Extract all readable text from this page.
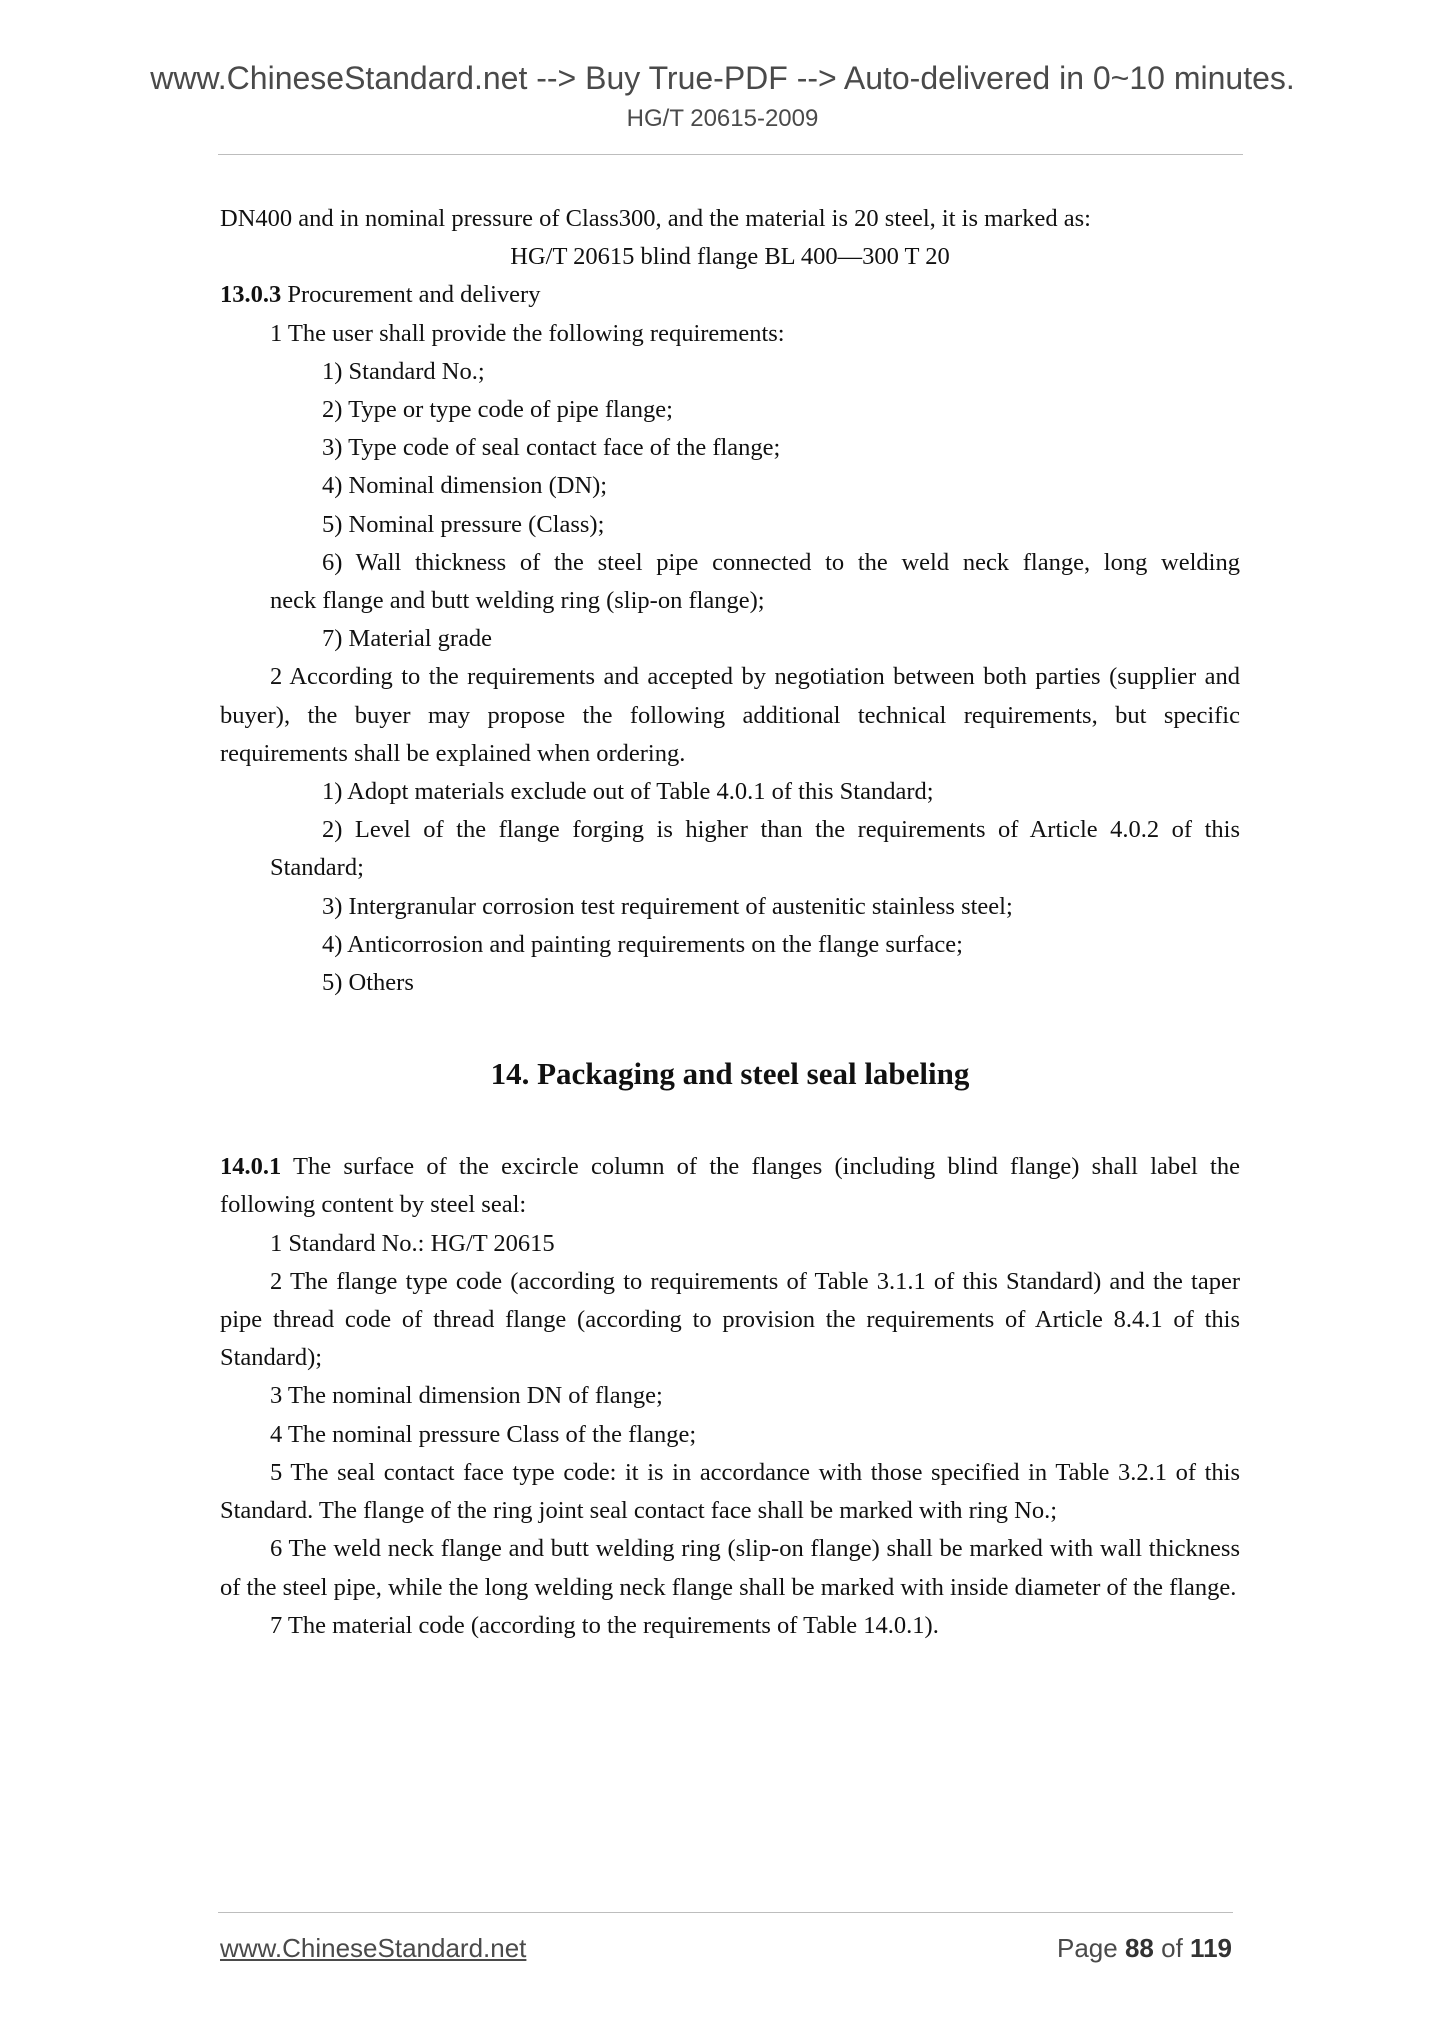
www.ChineseStandard.net --> Buy True-PDF --> Auto-delivered in 0~10 minutes.
HG/T 20615-2009

DN400 and in nominal pressure of Class300, and the material is 20 steel, it is marked as:

HG/T 20615 blind flange BL 400—300 T 20

13.0.3 Procurement and delivery

1 The user shall provide the following requirements:

1) Standard No.;

2) Type or type code of pipe flange;

3) Type code of seal contact face of the flange;

4) Nominal dimension (DN);

5) Nominal pressure (Class);

6) Wall thickness of the steel pipe connected to the weld neck flange, long welding

neck flange and butt welding ring (slip-on flange);

7) Material grade

2 According to the requirements and accepted by negotiation between both parties (supplier and buyer), the buyer may propose the following additional technical requirements, but specific requirements shall be explained when ordering.

1) Adopt materials exclude out of Table 4.0.1 of this Standard;

2) Level of the flange forging is higher than the requirements of Article 4.0.2 of this

Standard;

3) Intergranular corrosion test requirement of austenitic stainless steel;

4) Anticorrosion and painting requirements on the flange surface;

5) Others

14. Packaging and steel seal labeling

14.0.1 The surface of the excircle column of the flanges (including blind flange) shall label the following content by steel seal:

1 Standard No.: HG/T 20615

2 The flange type code (according to requirements of Table 3.1.1 of this Standard) and the taper pipe thread code of thread flange (according to provision the requirements of Article 8.4.1 of this Standard);

3 The nominal dimension DN of flange;

4 The nominal pressure Class of the flange;

5 The seal contact face type code: it is in accordance with those specified in Table 3.2.1 of this Standard. The flange of the ring joint seal contact face shall be marked with ring No.;

6 The weld neck flange and butt welding ring (slip-on flange) shall be marked with wall thickness of the steel pipe, while the long welding neck flange shall be marked with inside diameter of the flange.

7 The material code (according to the requirements of Table 14.0.1).

www.ChineseStandard.net	Page 88 of 119
